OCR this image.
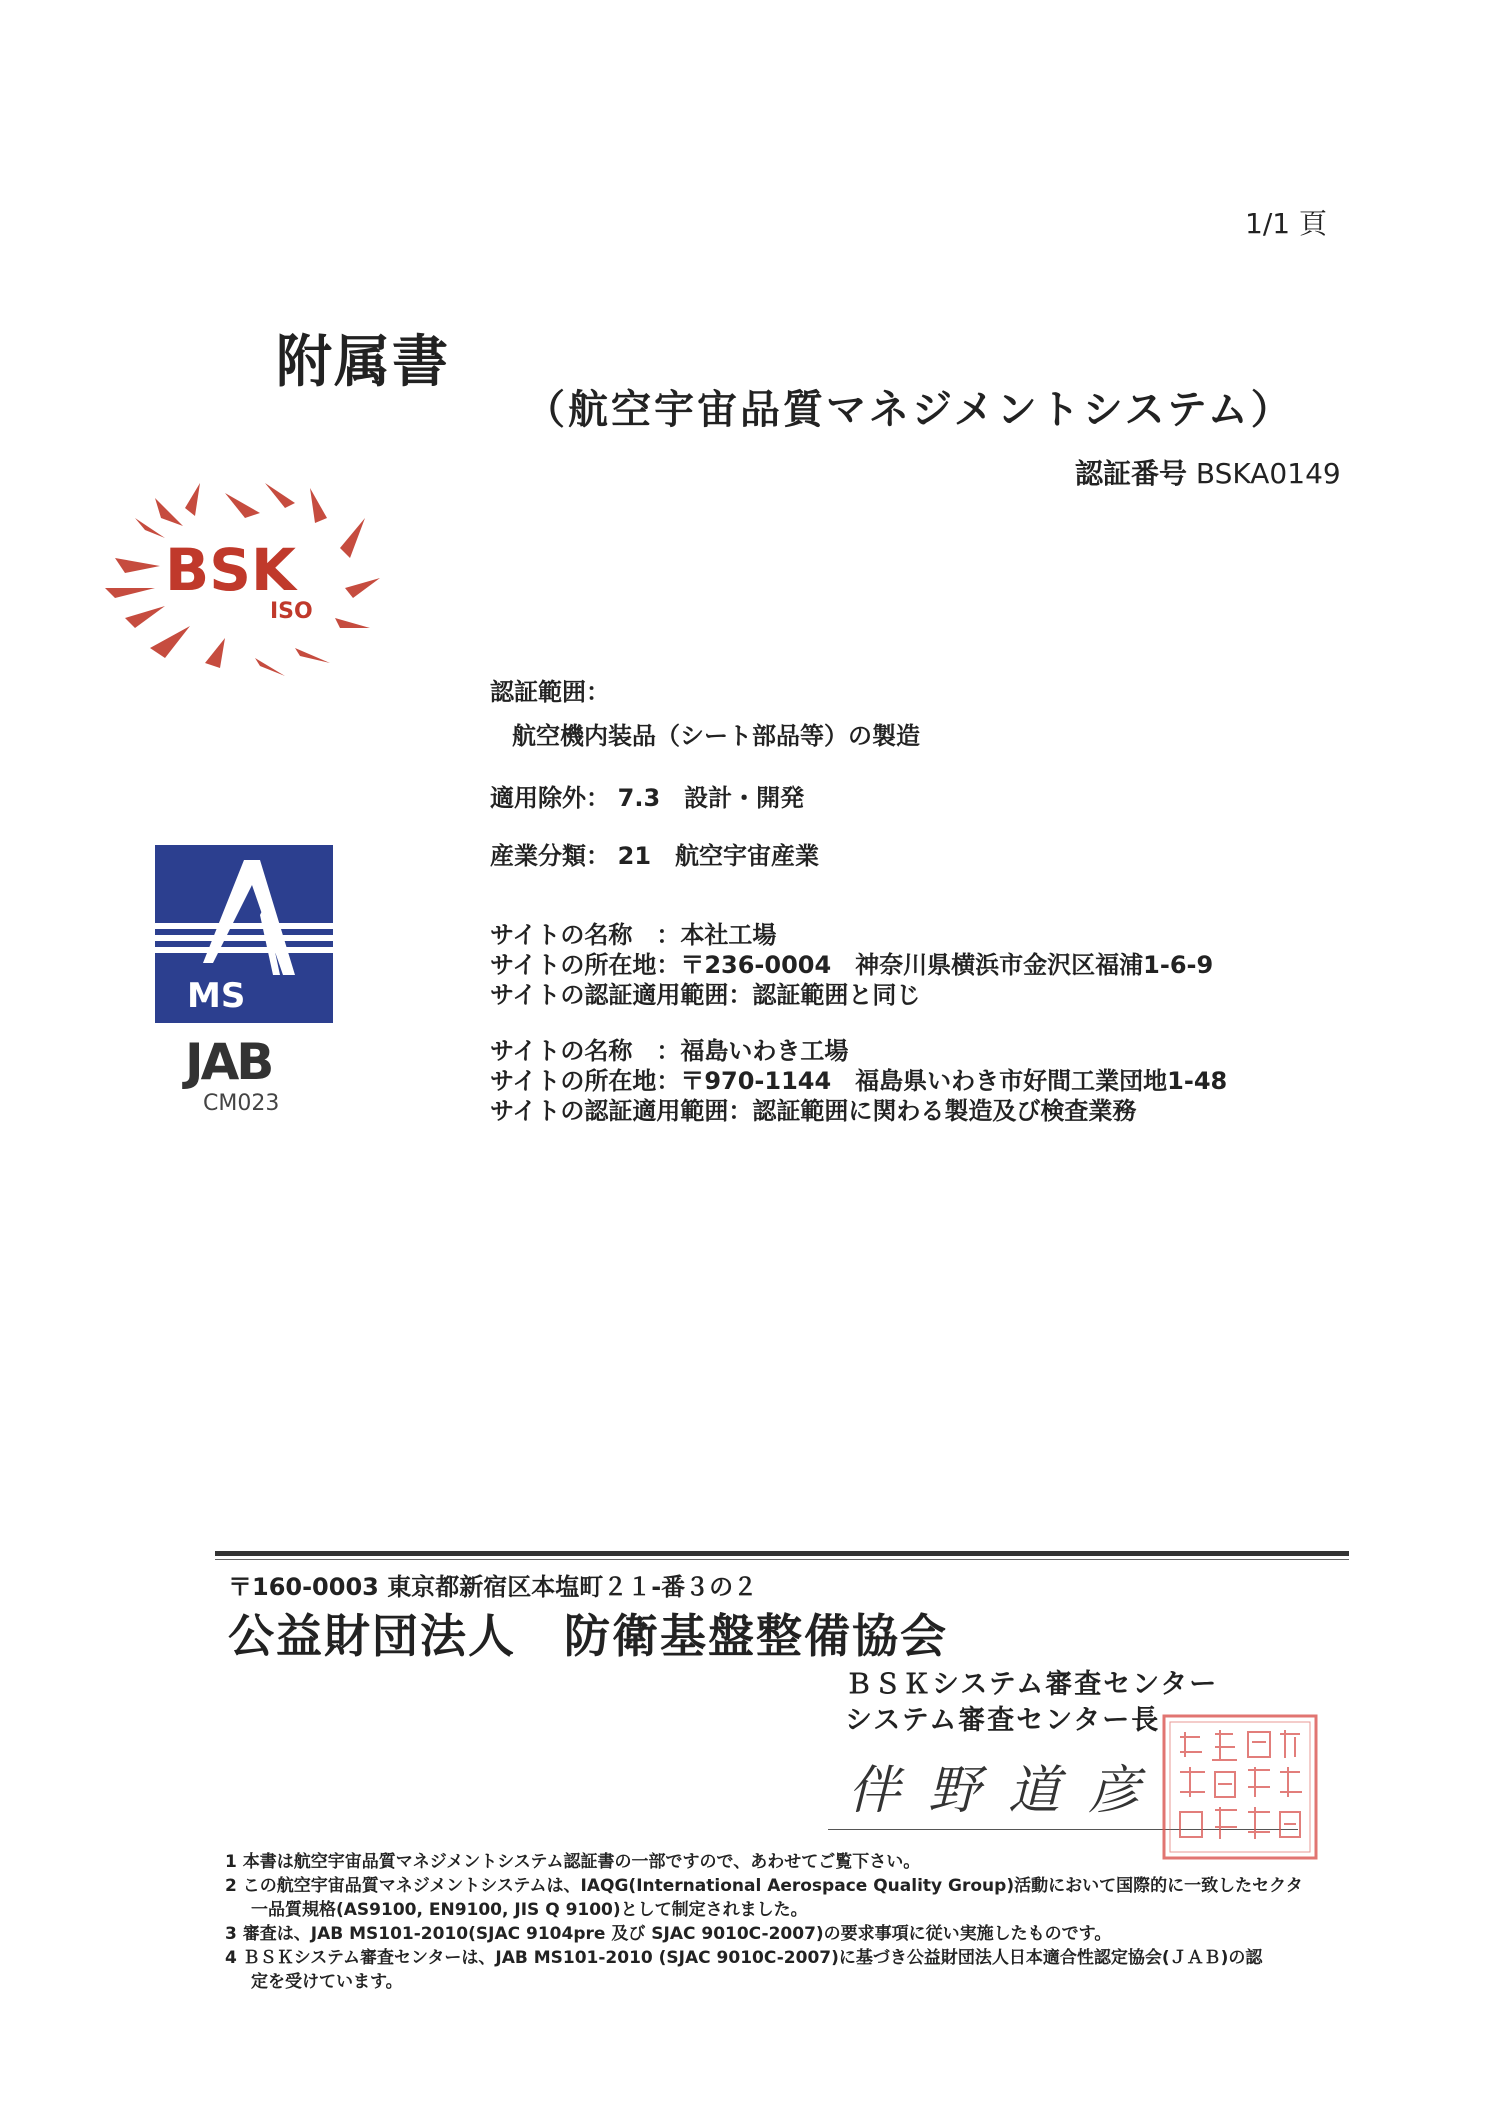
1/1 頁
附属書
（航空宇宙品質マネジメントシステム）
認証番号 BSKA0149
BSK
ISO
MS
JAB
CM023
認証範囲：
航空機内装品（シート部品等）の製造
適用除外： 7.3　設計・開発
産業分類： 21　航空宇宙産業
サイトの名称　：本社工場
サイトの所在地：〒236-0004　神奈川県横浜市金沢区福浦1-6-9
サイトの認証適用範囲：認証範囲と同じ
サイトの名称　：福島いわき工場
サイトの所在地：〒970-1144　福島県いわき市好間工業団地1-48
サイトの認証適用範囲：認証範囲に関わる製造及び検査業務
〒160-0003 東京都新宿区本塩町２１-番３の２
公益財団法人　防衛基盤整備協会
ＢＳＫシステム審査センター
システム審査センター長
伴野道彦
1 本書は航空宇宙品質マネジメントシステム認証書の一部ですので、あわせてご覧下さい。
2 この航空宇宙品質マネジメントシステムは、IAQG(International Aerospace Quality Group)活動において国際的に一致したセクタ
一品質規格(AS9100, EN9100, JIS Q 9100)として制定されました。
3 審査は、JAB MS101-2010(SJAC 9104pre 及び SJAC 9010C-2007)の要求事項に従い実施したものです。
4 ＢＳＫシステム審査センターは、JAB MS101-2010 (SJAC 9010C-2007)に基づき公益財団法人日本適合性認定協会(ＪＡＢ)の認
定を受けています。
